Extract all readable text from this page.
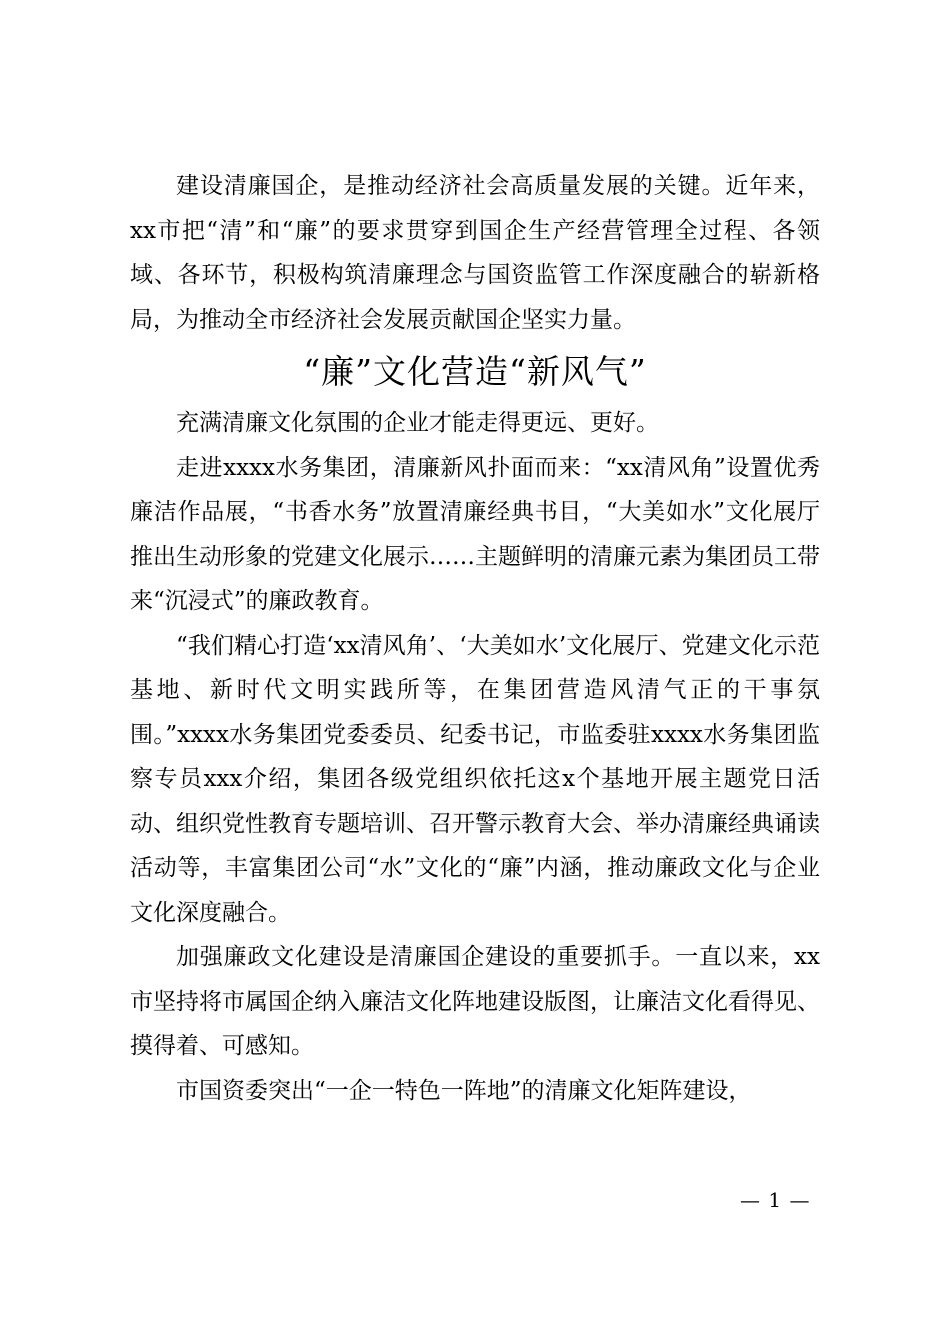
建设清廉国企，是推动经济社会高质量发展的关键。近年来，xx市把“清”和“廉”的要求贯穿到国企生产经营管理全过程、各领域、各环节，积极构筑清廉理念与国资监管工作深度融合的崭新格局，为推动全市经济社会发展贡献国企坚实力量。

“廉”文化营造“新风气”

充满清廉文化氛围的企业才能走得更远、更好。

走进xxxx水务集团，清廉新风扑面而来：“xx清风角”设置优秀廉洁作品展，“书香水务”放置清廉经典书目，“大美如水”文化展厅推出生动形象的党建文化展示……主题鲜明的清廉元素为集团员工带来“沉浸式”的廉政教育。

“我们精心打造‘xx清风角’、‘大美如水’文化展厅、党建文化示范基地、新时代文明实践所等，在集团营造风清气正的干事氛围。”xxxx水务集团党委委员、纪委书记，市监委驻xxxx水务集团监察专员xxx介绍，集团各级党组织依托这x个基地开展主题党日活动、组织党性教育专题培训、召开警示教育大会、举办清廉经典诵读活动等，丰富集团公司“水”文化的“廉”内涵，推动廉政文化与企业文化深度融合。

加强廉政文化建设是清廉国企建设的重要抓手。一直以来，xx市坚持将市属国企纳入廉洁文化阵地建设版图，让廉洁文化看得见、摸得着、可感知。

市国资委突出“一企一特色一阵地”的清廉文化矩阵建设，

— 1 —
